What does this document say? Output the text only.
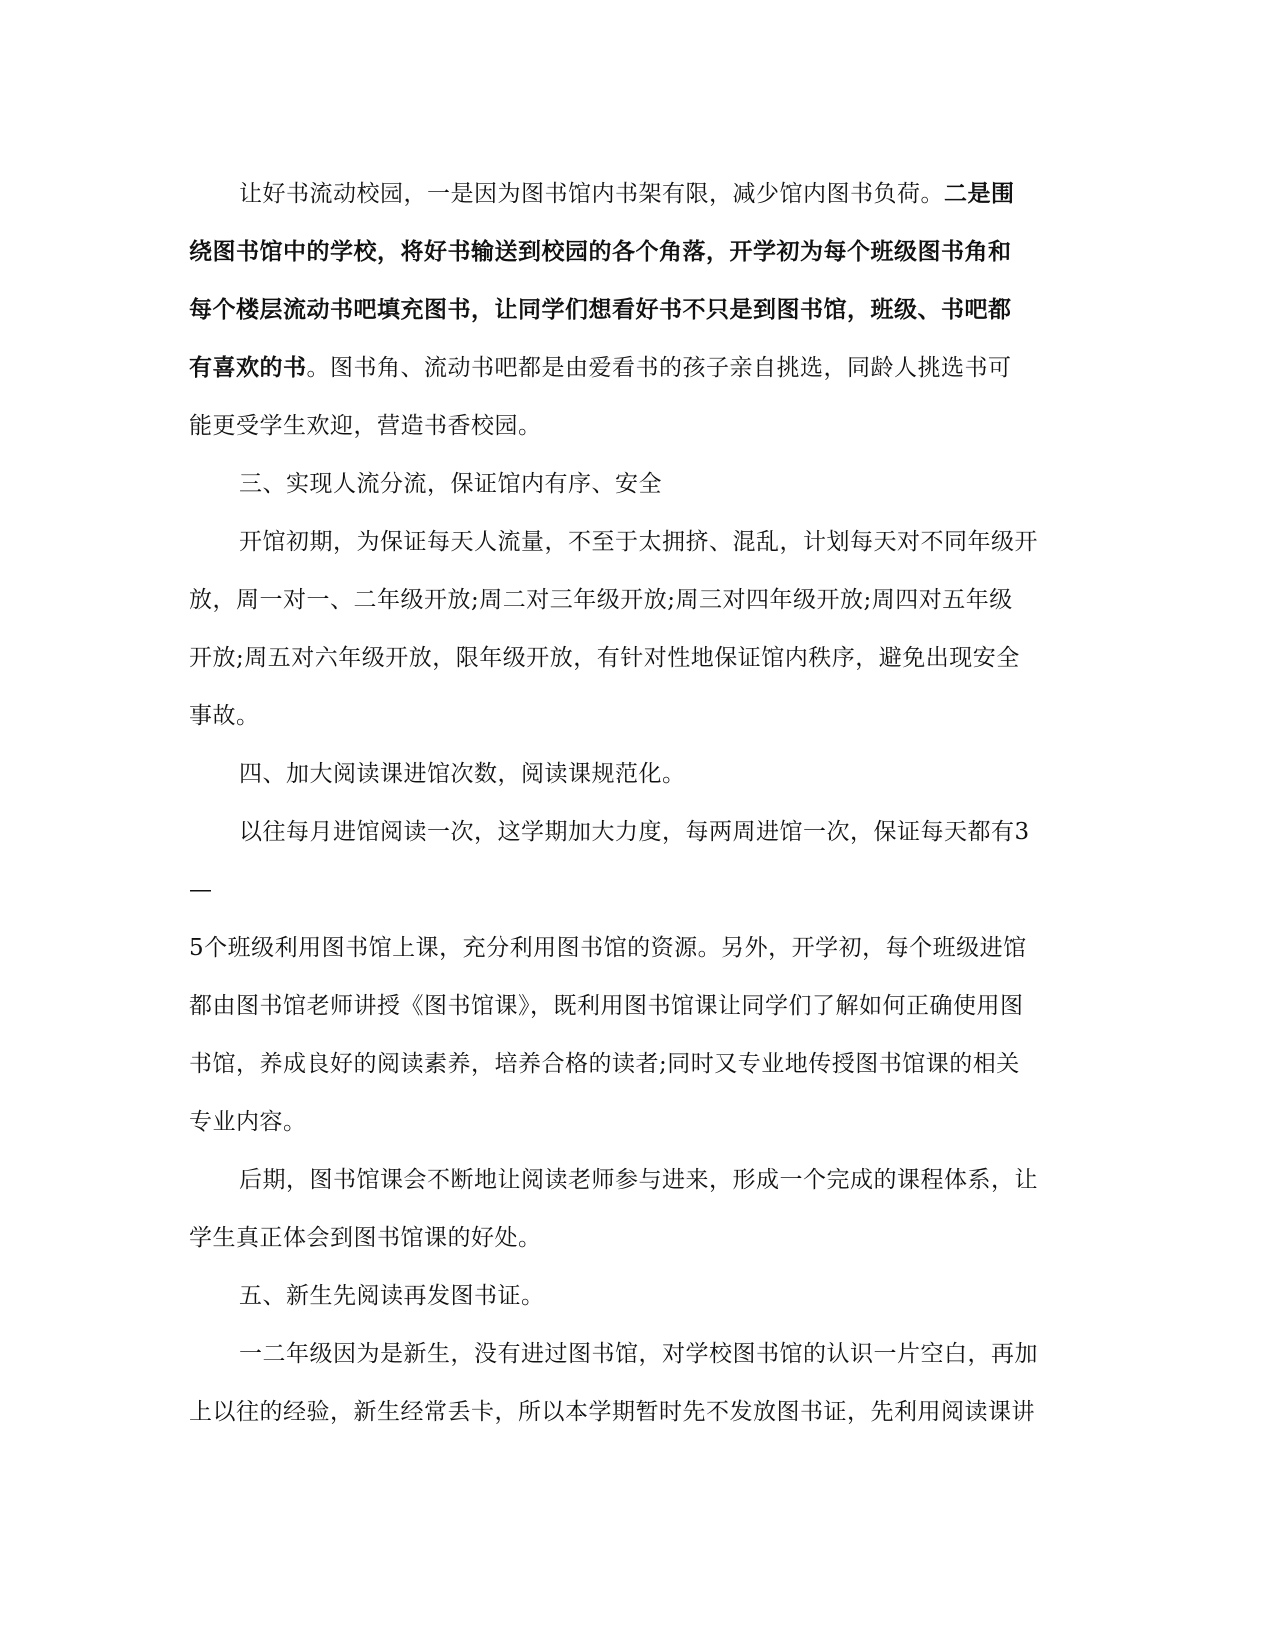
让好书流动校园，一是因为图书馆内书架有限，减少馆内图书负荷。二是围
绕图书馆中的学校，将好书输送到校园的各个角落，开学初为每个班级图书角和
每个楼层流动书吧填充图书，让同学们想看好书不只是到图书馆，班级、书吧都
有喜欢的书。图书角、流动书吧都是由爱看书的孩子亲自挑选，同龄人挑选书可
能更受学生欢迎，营造书香校园。
三、实现人流分流，保证馆内有序、安全
开馆初期，为保证每天人流量，不至于太拥挤、混乱，计划每天对不同年级开
放，周一对一、二年级开放;周二对三年级开放;周三对四年级开放;周四对五年级
开放;周五对六年级开放，限年级开放，有针对性地保证馆内秩序，避免出现安全
事故。
四、加大阅读课进馆次数，阅读课规范化。
以往每月进馆阅读一次，这学期加大力度，每两周进馆一次，保证每天都有3
—
5个班级利用图书馆上课，充分利用图书馆的资源。另外，开学初，每个班级进馆
都由图书馆老师讲授《图书馆课》，既利用图书馆课让同学们了解如何正确使用图
书馆，养成良好的阅读素养，培养合格的读者;同时又专业地传授图书馆课的相关
专业内容。
后期，图书馆课会不断地让阅读老师参与进来，形成一个完成的课程体系，让
学生真正体会到图书馆课的好处。
五、新生先阅读再发图书证。
一二年级因为是新生，没有进过图书馆，对学校图书馆的认识一片空白，再加
上以往的经验，新生经常丢卡，所以本学期暂时先不发放图书证，先利用阅读课讲
